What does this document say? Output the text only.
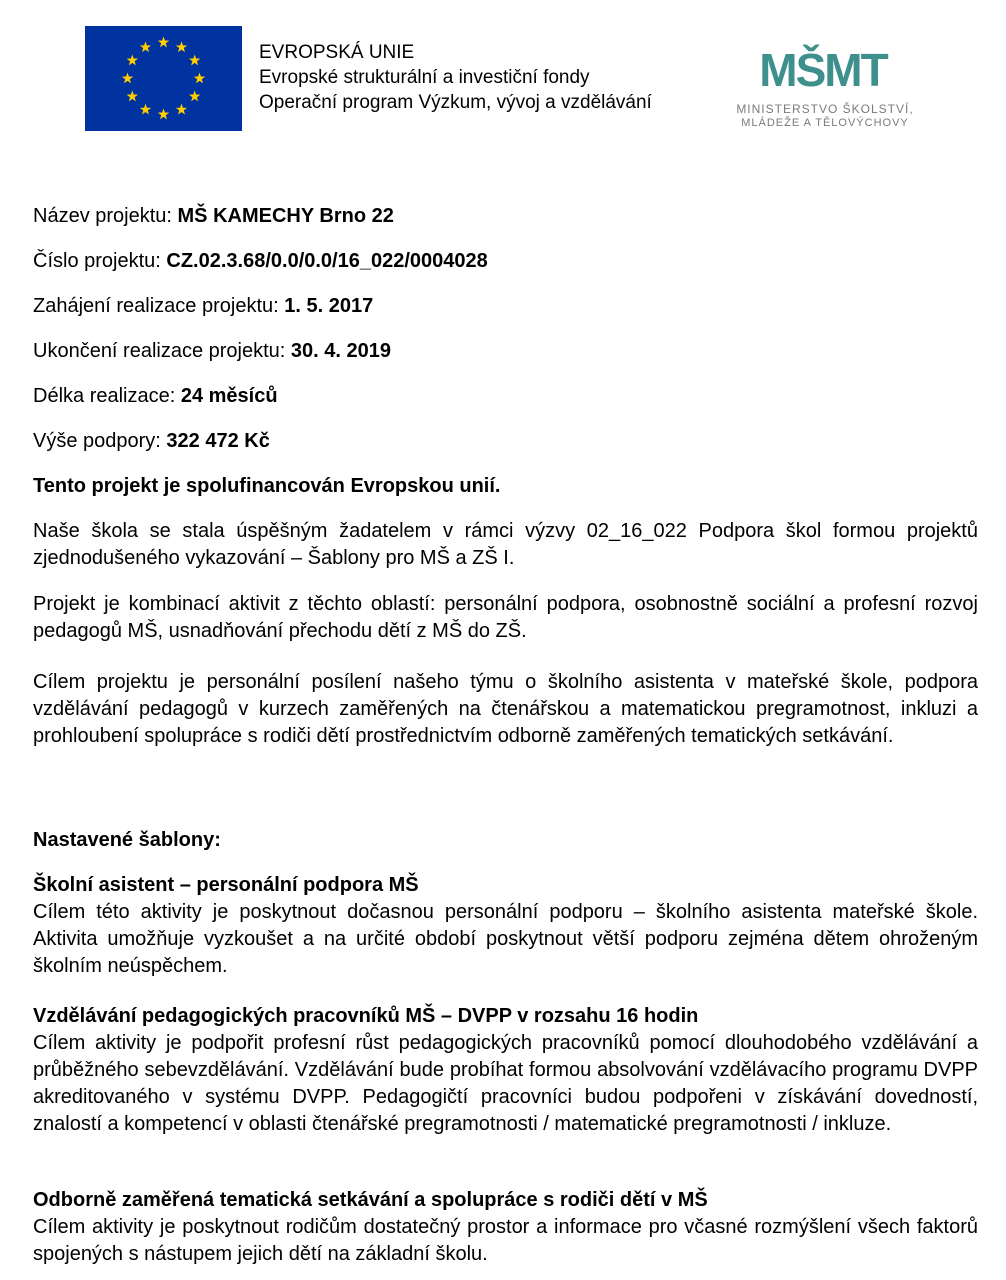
EVROPSKÁ UNIE
Evropské strukturální a investiční fondy
Operační program Výzkum, vývoj a vzdělávání
MŠMT
MINISTERSTVO ŠKOLSTVÍ,
MLÁDEŽE A TĚLOVÝCHOVY
Název projektu: MŠ KAMECHY Brno 22
Číslo projektu: CZ.02.3.68/0.0/0.0/16_022/0004028
Zahájení realizace projektu: 1. 5. 2017
Ukončení realizace projektu: 30. 4. 2019
Délka realizace: 24 měsíců
Výše podpory: 322 472 Kč
Tento projekt je spolufinancován Evropskou unií.
Naše škola se stala úspěšným žadatelem v rámci výzvy 02_16_022 Podpora škol formou projektů zjednodušeného vykazování – Šablony pro MŠ a ZŠ I.
Projekt je kombinací aktivit z těchto oblastí: personální podpora, osobnostně sociální a profesní rozvoj pedagogů MŠ, usnadňování přechodu dětí z MŠ do ZŠ.
Cílem projektu je personální posílení našeho týmu o školního asistenta v mateřské škole, podpora vzdělávání pedagogů v kurzech zaměřených na čtenářskou a matematickou pregramotnost, inkluzi a prohloubení spolupráce s rodiči dětí prostřednictvím odborně zaměřených tematických setkávání.
Nastavené šablony:
Školní asistent – personální podpora MŠ
Cílem této aktivity je poskytnout dočasnou personální podporu – školního asistenta mateřské škole. Aktivita umožňuje vyzkoušet a na určité období poskytnout větší podporu zejména dětem ohroženým školním neúspěchem.
Vzdělávání pedagogických pracovníků MŠ – DVPP v rozsahu 16 hodin
Cílem aktivity je podpořit profesní růst pedagogických pracovníků pomocí dlouhodobého vzdělávání a průběžného sebevzdělávání. Vzdělávání bude probíhat formou absolvování vzdělávacího programu DVPP akreditovaného v systému DVPP. Pedagogičtí pracovníci budou podpořeni v získávání dovedností, znalostí a kompetencí v oblasti čtenářské pregramotnosti / matematické pregramotnosti / inkluze.
Odborně zaměřená tematická setkávání a spolupráce s rodiči dětí v MŠ
Cílem aktivity je poskytnout rodičům dostatečný prostor a informace pro včasné rozmýšlení všech faktorů spojených s nástupem jejich dětí na základní školu.
